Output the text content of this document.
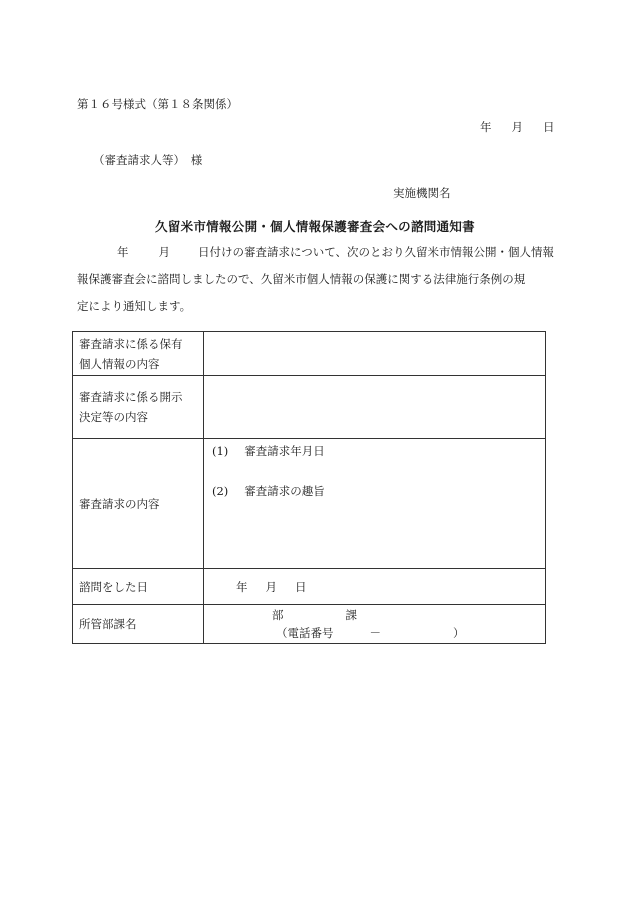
第１６号様式（第１８条関係）
年 月 日
（審査請求人等）　様
実施機関名
久留米市情報公開・個人情報保護審査会への諮問通知書
年	月 日付けの審査請求について、次のとおり久留米市情報公開・個人情報
報保護審査会に諮問しましたので、久留米市個人情報の保護に関する法律施行条例の規
定により通知します。
審査請求に係る保有
個人情報の内容	

審査請求に係る開示
決定等の内容	

審査請求の内容	(1) 審査請求年月日
(2) 審査請求の趣旨

諮問をした日	年 月 日

所管部課名	部 課
（電話番号 － ）
